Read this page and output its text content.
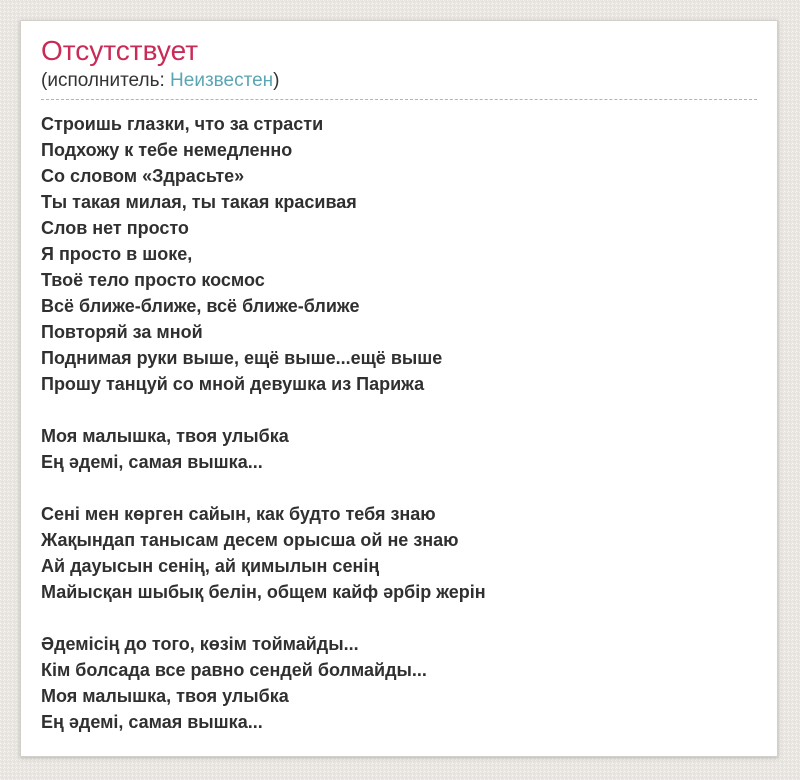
Отсутствует
(исполнитель: Неизвестен)
Строишь глазки, что за страсти
Подхожу к тебе немедленно
Со словом «Здрасьте»
Ты такая милая, ты такая красивая
Слов нет просто
Я просто в шоке,
Твоё тело просто космос
Всё ближе-ближе, всё ближе-ближе
Повторяй за мной
Поднимая руки выше, ещё выше...ещё выше
Прошу танцуй со мной девушка из Парижа
Моя малышка, твоя улыбка
Ең әдемі, самая вышка...
Сені мен көрген сайын, как будто тебя знаю
Жақындап танысам десем орысша ой не знаю
Ай дауысын сенің, ай қимылын сенің
Майысқан шыбық белін, общем кайф әрбір жерін
Әдемісің до того, көзім тоймайды...
Кім болсада все равно сендей болмайды...
Моя малышка, твоя улыбка
Ең әдемі, самая вышка...
